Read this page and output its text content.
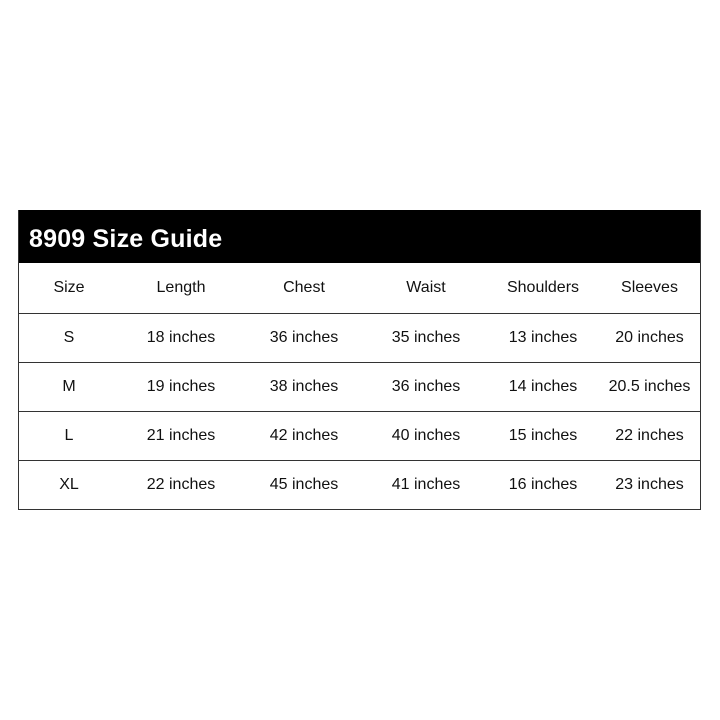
8909 Size Guide
Size	Length	Chest	Waist	Shoulders	Sleeves
S	18 inches	36 inches	35 inches	13 inches	20 inches
M	19 inches	38 inches	36 inches	14 inches	20.5 inches
L	21 inches	42 inches	40 inches	15 inches	22 inches
XL	22 inches	45 inches	41 inches	16 inches	23 inches
